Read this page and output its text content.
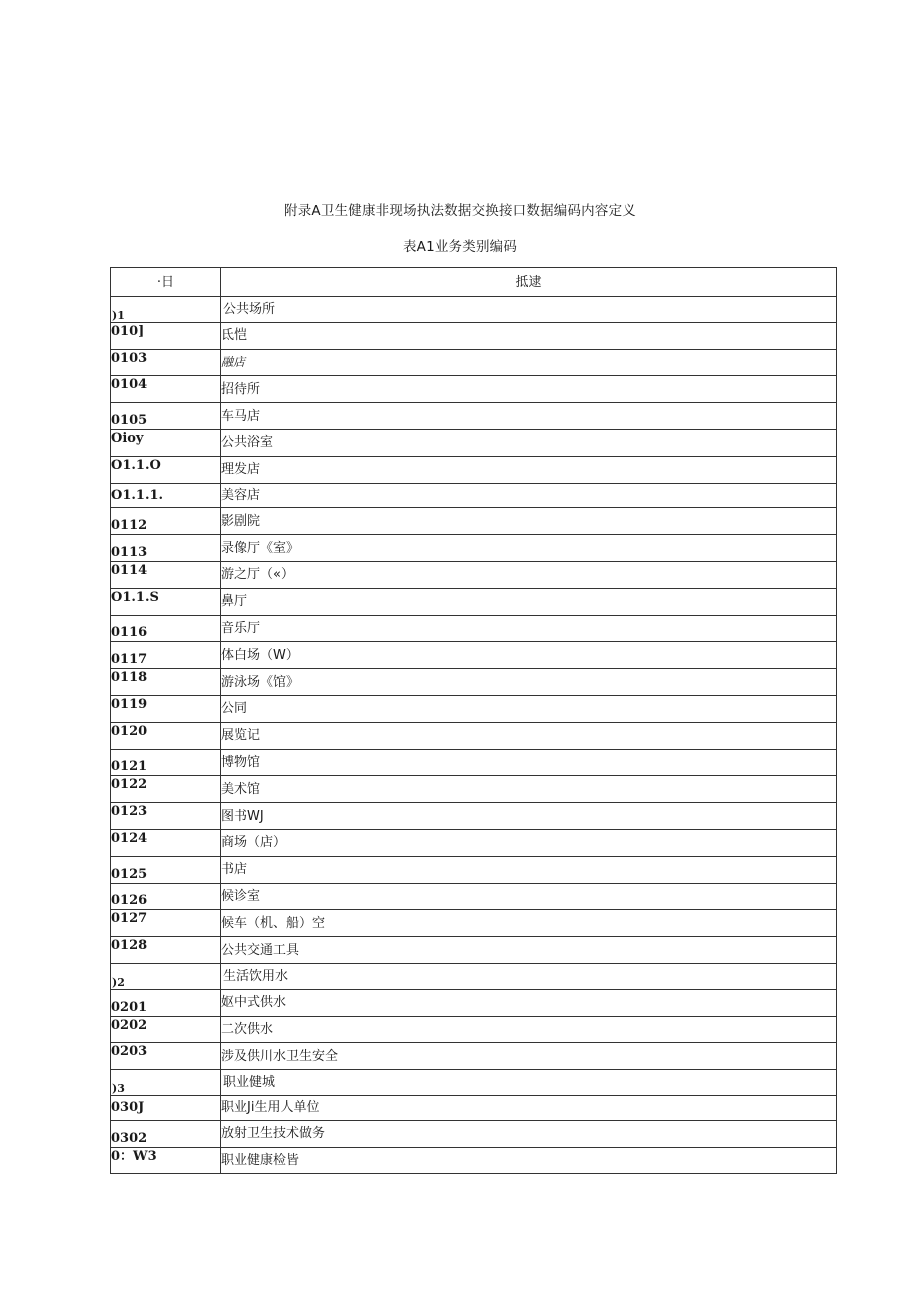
附录A卫生健康非现场执法数据交换接口数据编码内容定义
表A1业务类别编码
·日	抵逮
)1	公共场所
010]	氐恺
0103	融店
0104	招待所
0105	车马店
Oioy	公共浴室
O1.1.O	理发店
O1.1.1.	美容店
0112	影剧院
0113	录像厅《室》
0114	游之厅（«）
O1.1.S	鼻厅
0116	音乐厅
0117	体白场（W）
0118	游泳场《馆》
0119	公同
0120	展览记
0121	博物馆
0122	美术馆
0123	图书WJ
0124	商场（店）
0125	书店
0126	候诊室
0127	候车（机、船）空
0128	公共交通工具
)2	生活饮用水
0201	妪中式供水
0202	二次供水
0203	涉及供川水卫生安全
)3	职业健城
030J	职业Ji生用人单位
0302	放射卫生技术做务
0：W3	职业健康检皆
